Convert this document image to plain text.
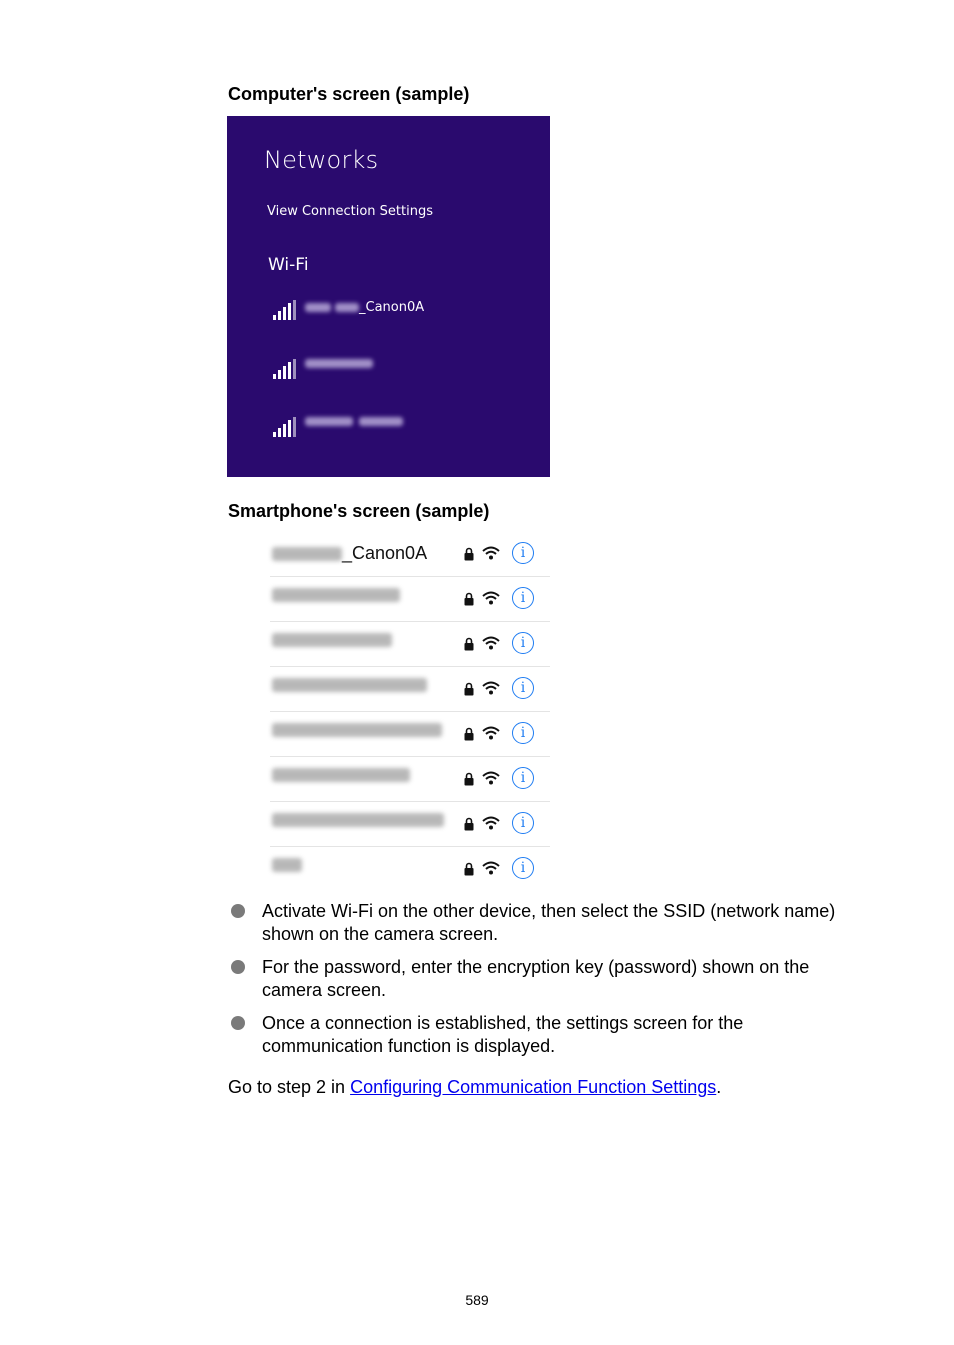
Computer's screen (sample)
Networks
View Connection Settings
Wi-Fi
_Canon0A
Smartphone's screen (sample)
_Canon0A	i
i
i
i
i
i
i
i
Activate Wi-Fi on the other device, then select the SSID (network name) shown on the camera screen.
For the password, enter the encryption key (password) shown on the camera screen.
Once a connection is established, the settings screen for the communication function is displayed.

Go to step 2 in Configuring Communication Function Settings.

589
